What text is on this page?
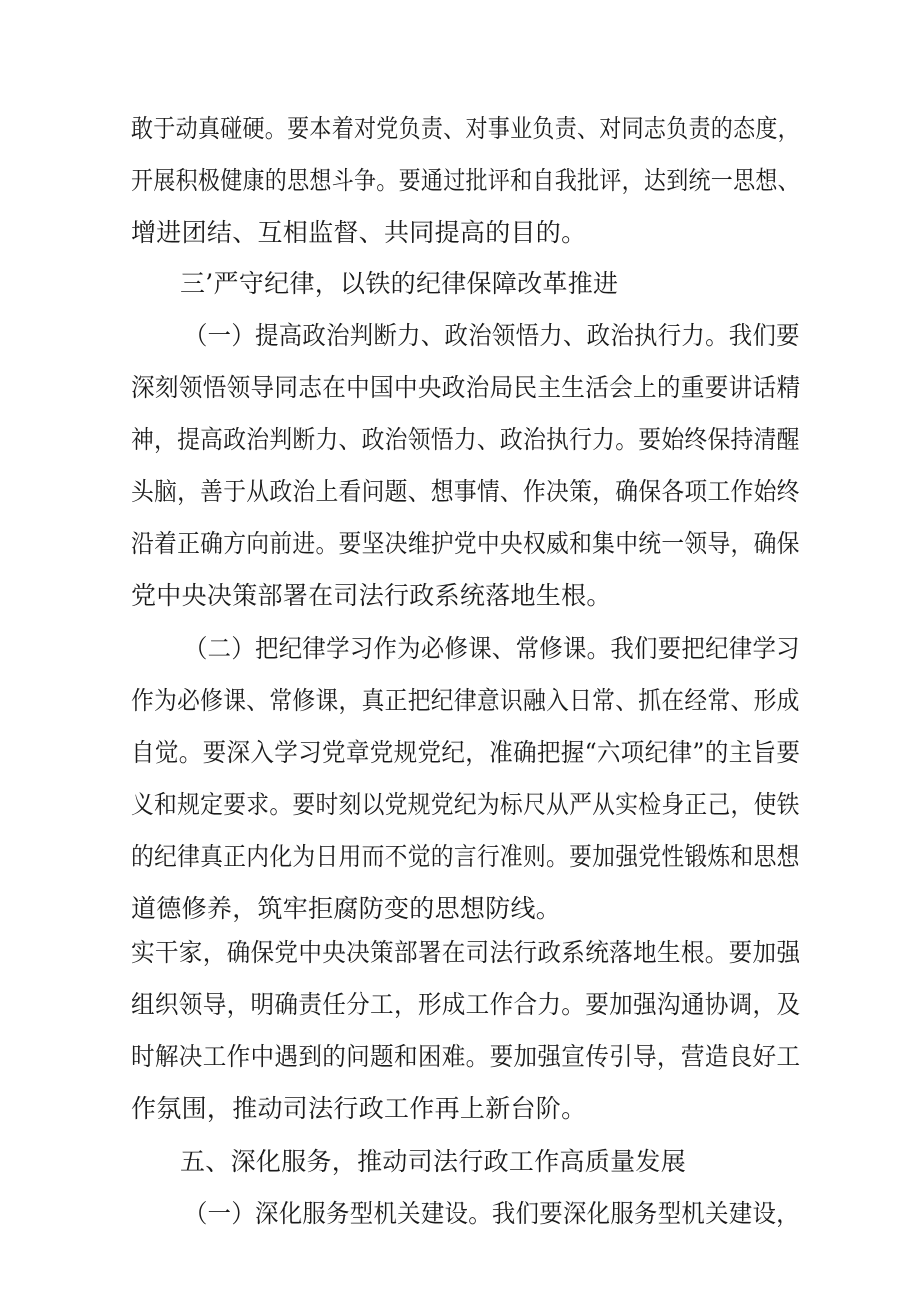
敢于动真碰硬。要本着对党负责、对事业负责、对同志负责的态度，
开展积极健康的思想斗争。要通过批评和自我批评，达到统一思想、
增进团结、互相监督、共同提高的目的。
三’严守纪律，以铁的纪律保障改革推进
（一）提高政治判断力、政治领悟力、政治执行力。我们要
深刻领悟领导同志在中国中央政治局民主生活会上的重要讲话精
神，提高政治判断力、政治领悟力、政治执行力。要始终保持清醒
头脑，善于从政治上看问题、想事情、作决策，确保各项工作始终
沿着正确方向前进。要坚决维护党中央权威和集中统一领导，确保
党中央决策部署在司法行政系统落地生根。
（二）把纪律学习作为必修课、常修课。我们要把纪律学习
作为必修课、常修课，真正把纪律意识融入日常、抓在经常、形成
自觉。要深入学习党章党规党纪，准确把握“六项纪律”的主旨要
义和规定要求。要时刻以党规党纪为标尺从严从实检身正己，使铁
的纪律真正内化为日用而不觉的言行准则。要加强党性锻炼和思想
道德修养，筑牢拒腐防变的思想防线。
实干家，确保党中央决策部署在司法行政系统落地生根。要加强
组织领导，明确责任分工，形成工作合力。要加强沟通协调，及
时解决工作中遇到的问题和困难。要加强宣传引导，营造良好工
作氛围，推动司法行政工作再上新台阶。
五、深化服务，推动司法行政工作高质量发展
（一）深化服务型机关建设。我们要深化服务型机关建设，
